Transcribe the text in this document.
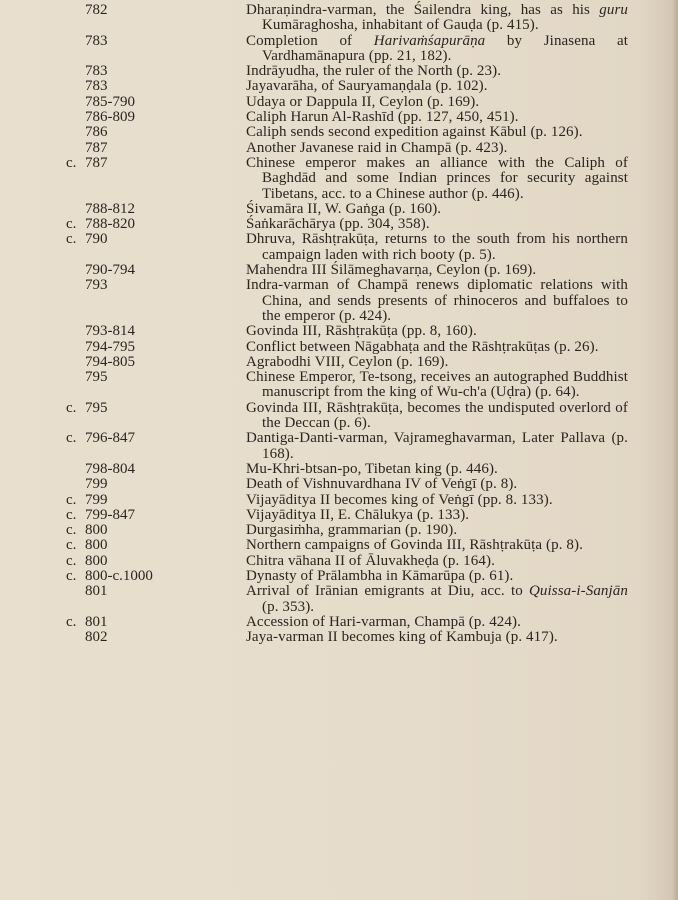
782	Dharaṇindra-varman, the Śailendra king, has as his guru Kumāraghosha, inhabitant of Gauḍa (p. 415).
783	Completion of Harivaṁśapurāṇa by Jinasena at Vardhamānapura (pp. 21, 182).
783	Indrāyudha, the ruler of the North (p. 23).
783	Jayavarāha, of Sauryamaṇḍala (p. 102).
785-790	Udaya or Dappula II, Ceylon (p. 169).
786-809	Caliph Harun Al-Rashīd (pp. 127, 450, 451).
786	Caliph sends second expedition against Kābul (p. 126).
787	Another Javanese raid in Champā (p. 423).
c. 787	Chinese emperor makes an alliance with the Caliph of Baghdād and some Indian princes for security against Tibetans, acc. to a Chinese author (p. 446).
788-812	Śivamāra II, W. Gaṅga (p. 160).
c. 788-820	Śaṅkarāchārya (pp. 304, 358).
c. 790	Dhruva, Rāshṭrakūṭa, returns to the south from his northern campaign laden with rich booty (p. 5).
790-794	Mahendra III Śilāmeghavarṇa, Ceylon (p. 169).
793	Indra-varman of Champā renews diplomatic relations with China, and sends presents of rhinoceros and buffaloes to the emperor (p. 424).
793-814	Govinda III, Rāshṭrakūṭa (pp. 8, 160).
794-795	Conflict between Nāgabhaṭa and the Rāshṭrakūṭas (p. 26).
794-805	Agrabodhi VIII, Ceylon (p. 169).
795	Chinese Emperor, Te-tsong, receives an autographed Buddhist manuscript from the king of Wu-ch'a (Uḍra) (p. 64).
c. 795	Govinda III, Rāshṭrakūṭa, becomes the undisputed overlord of the Deccan (p. 6).
c. 796-847	Dantiga-Danti-varman, Vajrameghavarman, Later Pallava (p. 168).
798-804	Mu-Khri-btsan-po, Tibetan king (p. 446).
799	Death of Vishnuvardhana IV of Veṅgī (p. 8).
c. 799	Vijayāditya II becomes king of Veṅgī (pp. 8. 133).
c. 799-847	Vijayāditya II, E. Chālukya (p. 133).
c. 800	Durgasiṁha, grammarian (p. 190).
c. 800	Northern campaigns of Govinda III, Rāshṭrakūṭa (p. 8).
c. 800	Chitra vāhana II of Āluvakheḍa (p. 164).
c. 800-c.1000	Dynasty of Prālambha in Kāmarūpa (p. 61).
801	Arrival of Irānian emigrants at Diu, acc. to Quissa-i-Sanjān (p. 353).
c. 801	Accession of Hari-varman, Champā (p. 424).
802	Jaya-varman II becomes king of Kambuja (p. 417).
